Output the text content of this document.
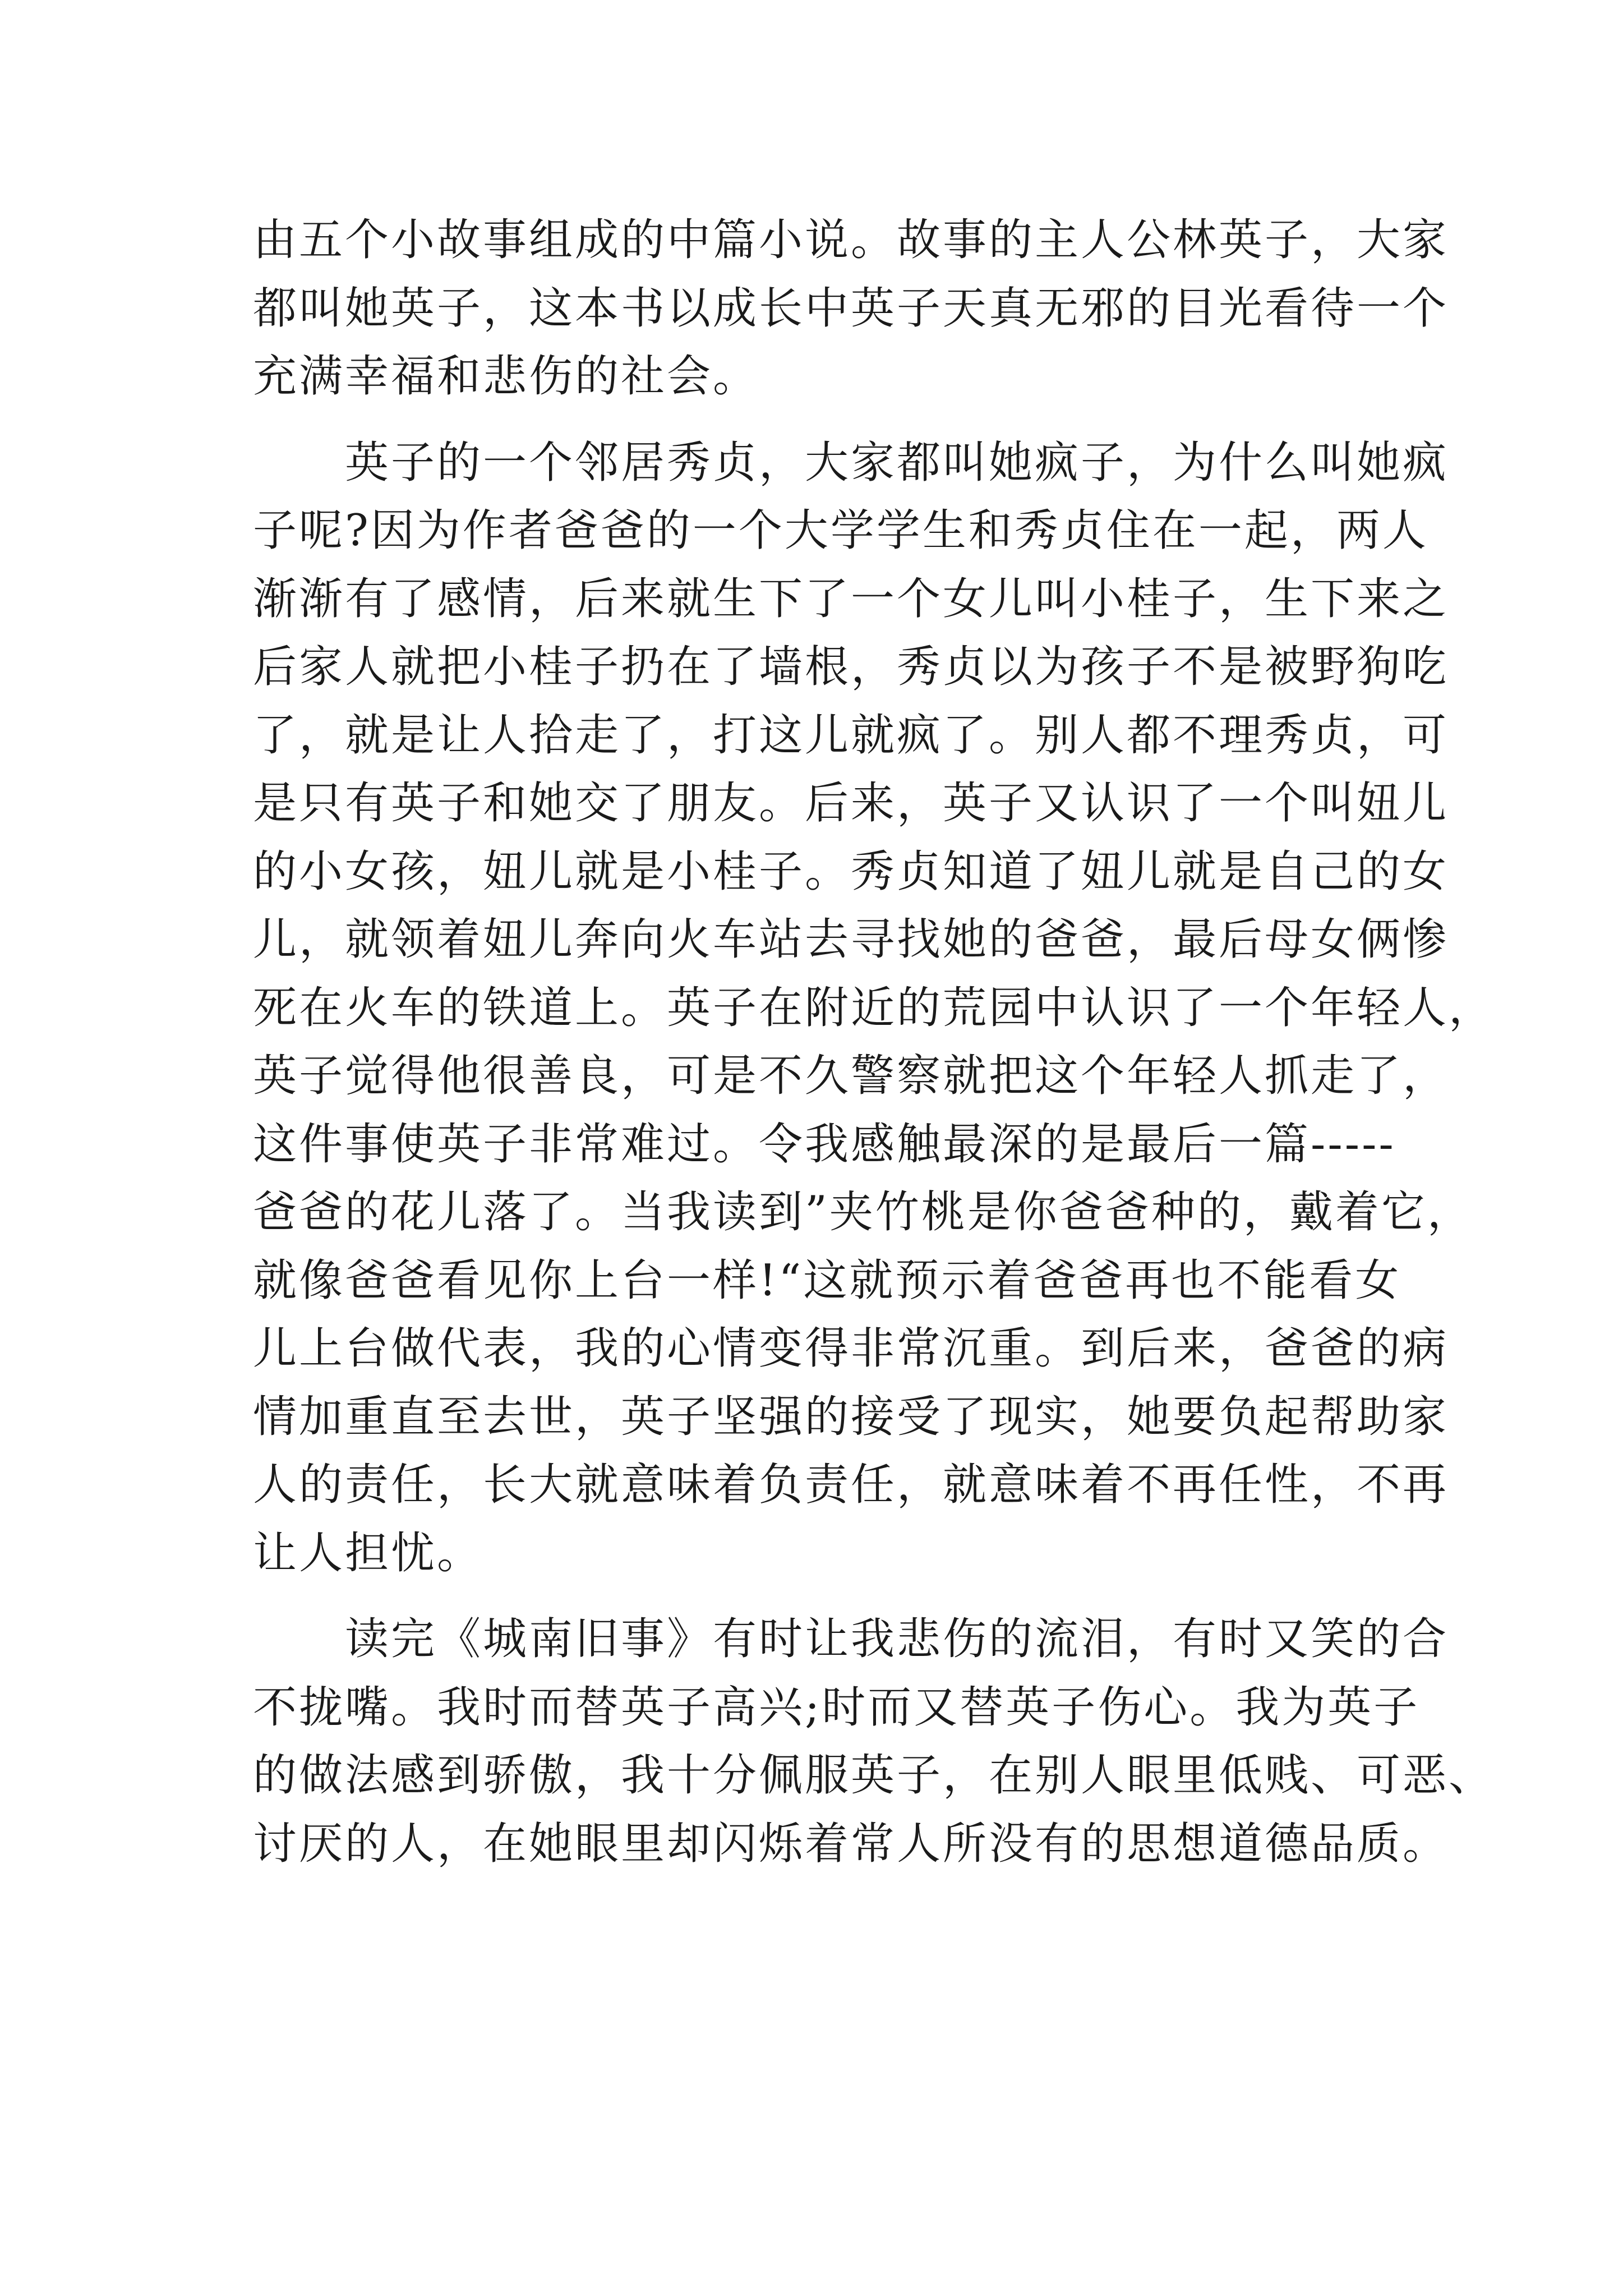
由五个小故事组成的中篇小说。故事的主人公林英子，大家
都叫她英子，这本书以成长中英子天真无邪的目光看待一个
充满幸福和悲伤的社会。

英子的一个邻居秀贞，大家都叫她疯子，为什么叫她疯
子呢?因为作者爸爸的一个大学学生和秀贞住在一起，两人
渐渐有了感情，后来就生下了一个女儿叫小桂子，生下来之
后家人就把小桂子扔在了墙根，秀贞以为孩子不是被野狗吃
了，就是让人拾走了，打这儿就疯了。别人都不理秀贞，可
是只有英子和她交了朋友。后来，英子又认识了一个叫妞儿
的小女孩，妞儿就是小桂子。秀贞知道了妞儿就是自己的女
儿，就领着妞儿奔向火车站去寻找她的爸爸，最后母女俩惨
死在火车的铁道上。英子在附近的荒园中认识了一个年轻人，
英子觉得他很善良，可是不久警察就把这个年轻人抓走了，
这件事使英子非常难过。令我感触最深的是最后一篇-----
爸爸的花儿落了。当我读到”夹竹桃是你爸爸种的，戴着它，
就像爸爸看见你上台一样!“这就预示着爸爸再也不能看女
儿上台做代表，我的心情变得非常沉重。到后来，爸爸的病
情加重直至去世，英子坚强的接受了现实，她要负起帮助家
人的责任，长大就意味着负责任，就意味着不再任性，不再
让人担忧。

读完《城南旧事》有时让我悲伤的流泪，有时又笑的合
不拢嘴。我时而替英子高兴;时而又替英子伤心。我为英子
的做法感到骄傲，我十分佩服英子，在别人眼里低贱、可恶、
讨厌的人，在她眼里却闪烁着常人所没有的思想道德品质。
